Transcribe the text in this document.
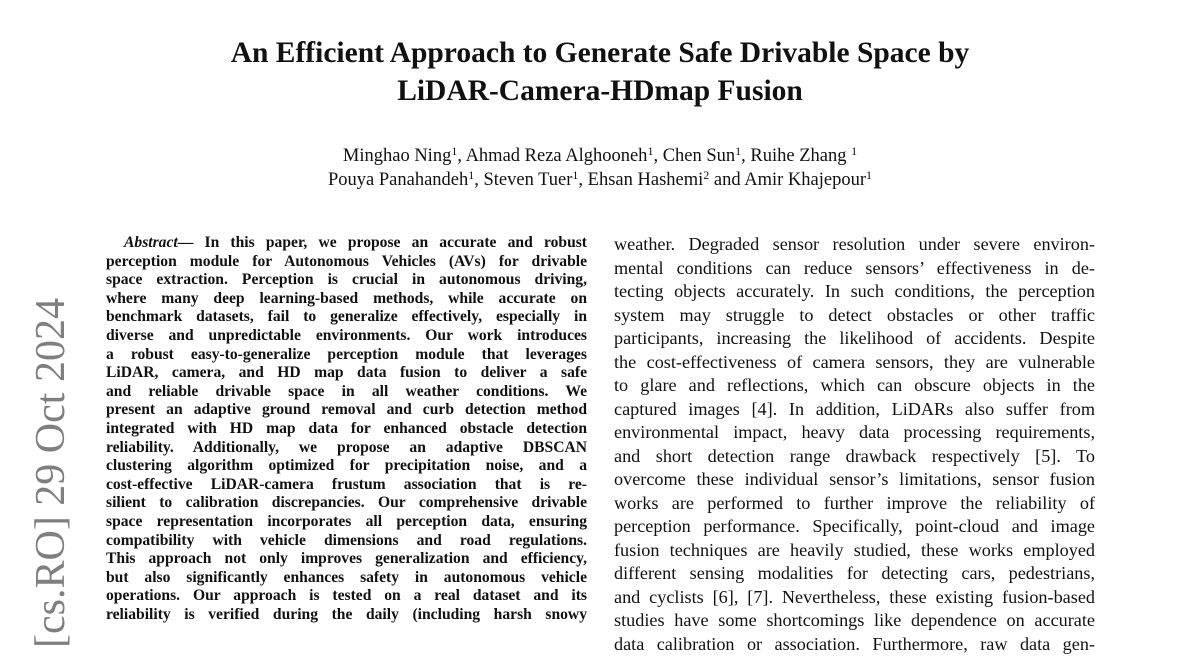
An Efficient Approach to Generate Safe Drivable Space by
LiDAR-Camera-HDmap Fusion
Minghao Ning$^1$, Ahmad Reza Alghooneh$^1$, Chen Sun$^1$, Ruihe Zhang $^1$
Pouya Panahandeh$^1$, Steven Tuer$^1$, Ehsan Hashemi$^2$ and Amir Khajepour$^1$
[cs.RO] 29 Oct 2024
Abstract— In this paper, we propose an accurate and robust
perception module for Autonomous Vehicles (AVs) for drivable
space extraction. Perception is crucial in autonomous driving,
where many deep learning-based methods, while accurate on
benchmark datasets, fail to generalize effectively, especially in
diverse and unpredictable environments. Our work introduces
a robust easy-to-generalize perception module that leverages
LiDAR, camera, and HD map data fusion to deliver a safe
and reliable drivable space in all weather conditions. We
present an adaptive ground removal and curb detection method
integrated with HD map data for enhanced obstacle detection
reliability. Additionally, we propose an adaptive DBSCAN
clustering algorithm optimized for precipitation noise, and a
cost-effective LiDAR-camera frustum association that is re-
silient to calibration discrepancies. Our comprehensive drivable
space representation incorporates all perception data, ensuring
compatibility with vehicle dimensions and road regulations.
This approach not only improves generalization and efficiency,
but also significantly enhances safety in autonomous vehicle
operations. Our approach is tested on a real dataset and its
reliability is verified during the daily (including harsh snowy
weather. Degraded sensor resolution under severe environ-
mental conditions can reduce sensors’ effectiveness in de-
tecting objects accurately. In such conditions, the perception
system may struggle to detect obstacles or other traffic
participants, increasing the likelihood of accidents. Despite
the cost-effectiveness of camera sensors, they are vulnerable
to glare and reflections, which can obscure objects in the
captured images [4]. In addition, LiDARs also suffer from
environmental impact, heavy data processing requirements,
and short detection range drawback respectively [5]. To
overcome these individual sensor’s limitations, sensor fusion
works are performed to further improve the reliability of
perception performance. Specifically, point-cloud and image
fusion techniques are heavily studied, these works employed
different sensing modalities for detecting cars, pedestrians,
and cyclists [6], [7]. Nevertheless, these existing fusion-based
studies have some shortcomings like dependence on accurate
data calibration or association. Furthermore, raw data gen-
